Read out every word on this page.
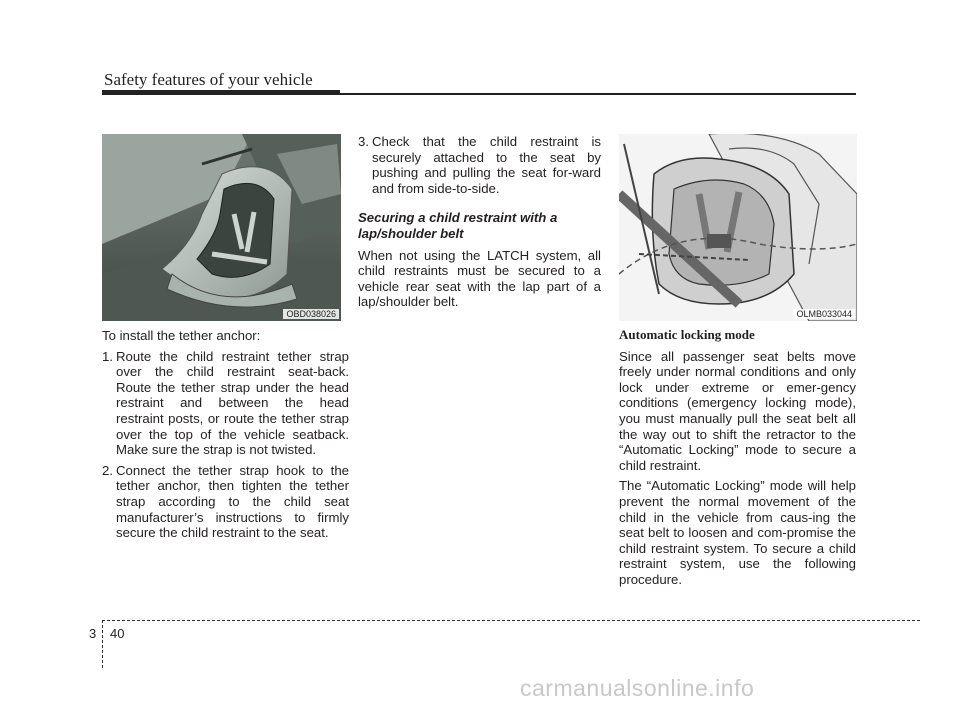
Safety features of your vehicle
OBD038026	OLMB033044

To install the tether anchor:

1. Route the child restraint tether strap over the child restraint seat-back. Route the tether strap under the head restraint and between the head restraint posts, or route the tether strap over the top of the vehicle seatback. Make sure the strap is not twisted.
2. Connect the tether strap hook to the tether anchor, then tighten the tether strap according to the child seat manufacturer’s instructions to firmly secure the child restraint to the seat.
3. Check that the child restraint is securely attached to the seat by pushing and pulling the seat for-ward and from side-to-side.
Securing a child restraint with a
lap/shoulder belt

When not using the LATCH system, all child restraints must be secured to a vehicle rear seat with the lap part of a lap/shoulder belt.

Automatic locking mode

Since all passenger seat belts move freely under normal conditions and only lock under extreme or emer-gency conditions (emergency locking mode), you must manually pull the seat belt all the way out to shift the retractor to the “Automatic Locking” mode to secure a child restraint.

The “Automatic Locking” mode will help prevent the normal movement of the child in the vehicle from caus-ing the seat belt to loosen and com-promise the child restraint system. To secure a child restraint system, use the following procedure.

3 40
carmanualsonline.info
